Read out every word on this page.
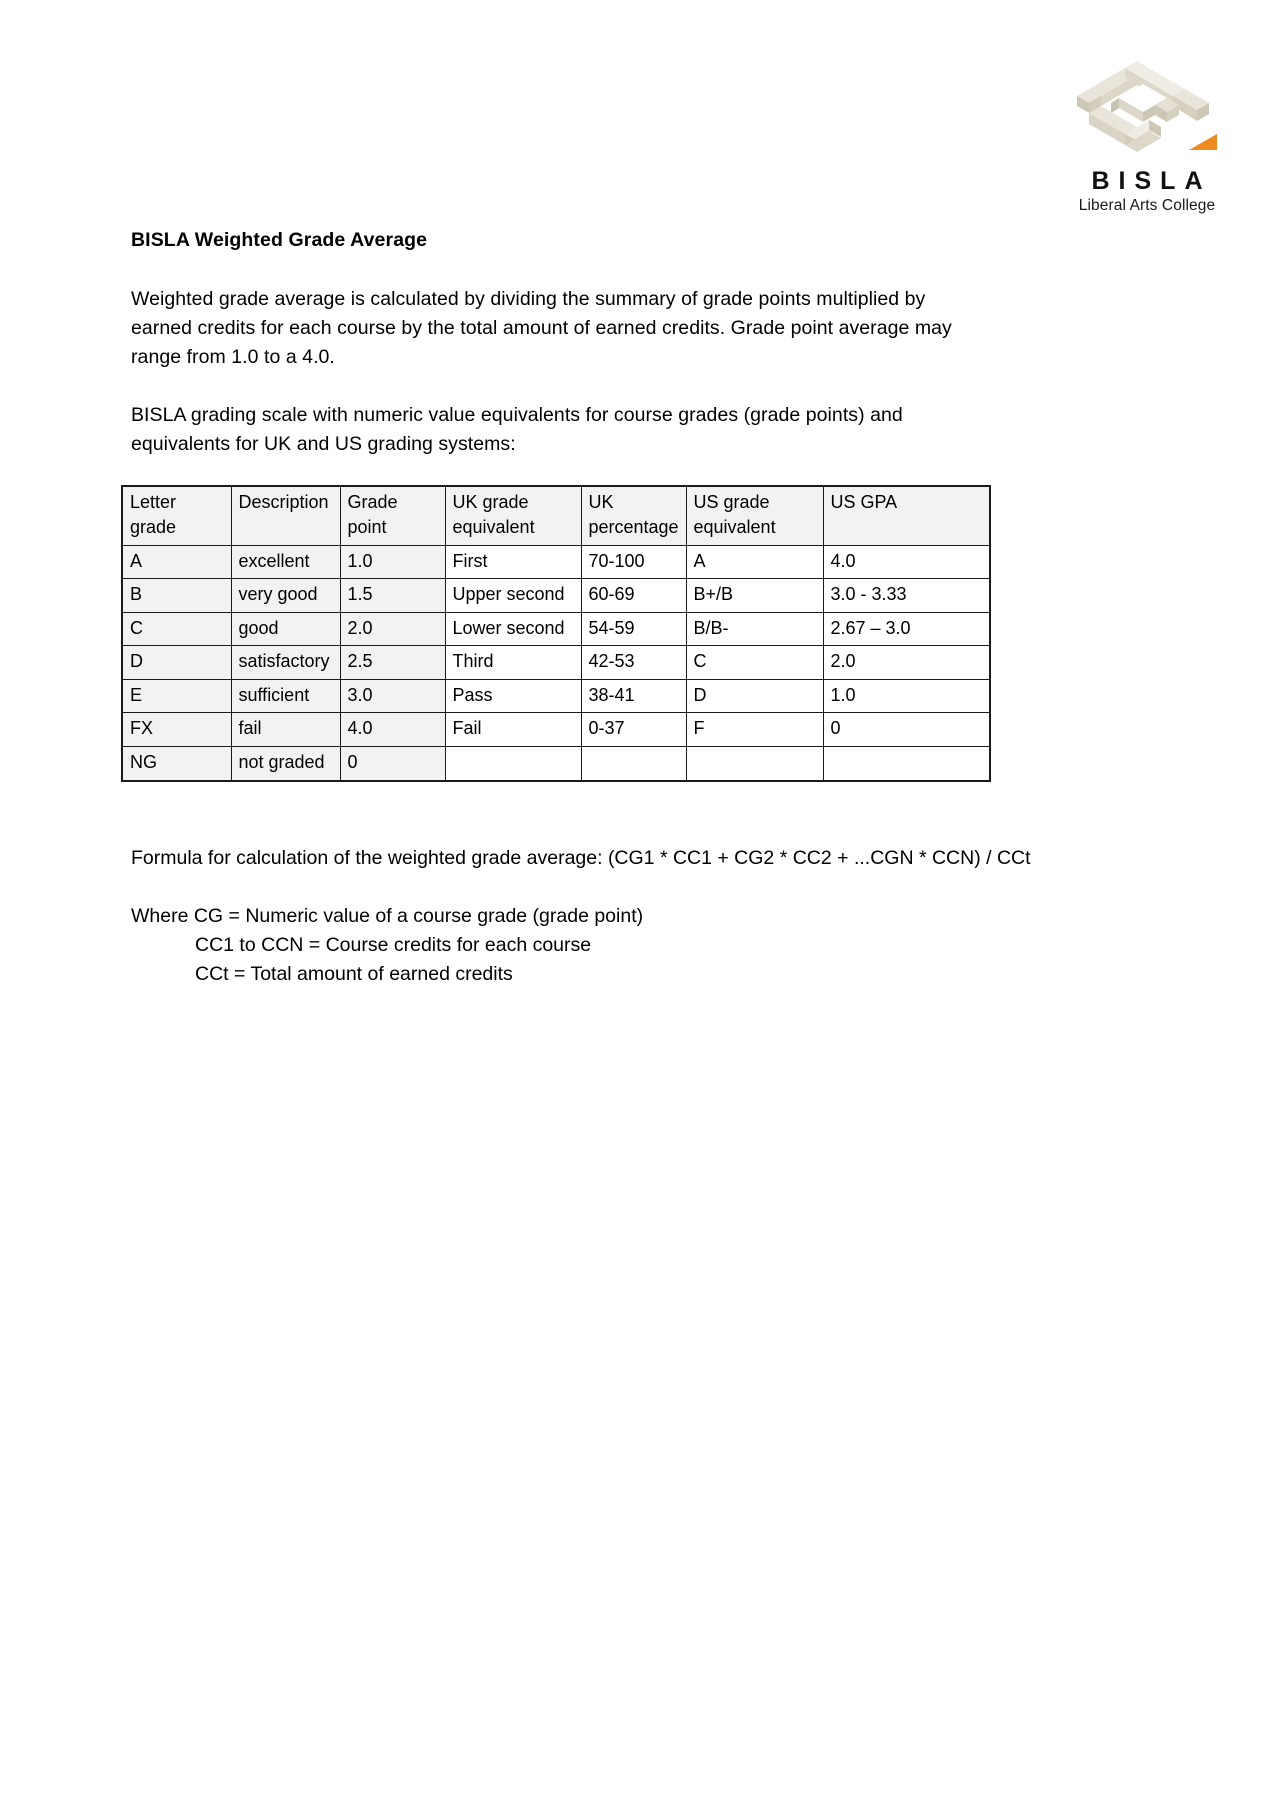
BISLA
Liberal Arts College
BISLA Weighted Grade Average

Weighted grade average is calculated by dividing the summary of grade points multiplied by earned credits for each course by the total amount of earned credits. Grade point average may range from 1.0 to a 4.0.

BISLA grading scale with numeric value equivalents for course grades (grade points) and equivalents for UK and US grading systems:

Letter grade	Description	Grade point	UK grade equivalent	UK percentage	US grade equivalent	US GPA
A	excellent	1.0	First	70-100	A	4.0
B	very good	1.5	Upper second	60-69	B+/B	3.0 - 3.33
C	good	2.0	Lower second	54-59	B/B-	2.67 – 3.0
D	satisfactory	2.5	Third	42-53	C	2.0
E	sufficient	3.0	Pass	38-41	D	1.0
FX	fail	4.0	Fail	0-37	F	0
NG	not graded	0				

Formula for calculation of the weighted grade average: (CG1 * CC1 + CG2 * CC2 + ...CGN * CCN) / CCt

Where CG = Numeric value of a course grade (grade point)

CC1 to CCN = Course credits for each course

CCt = Total amount of earned credits
